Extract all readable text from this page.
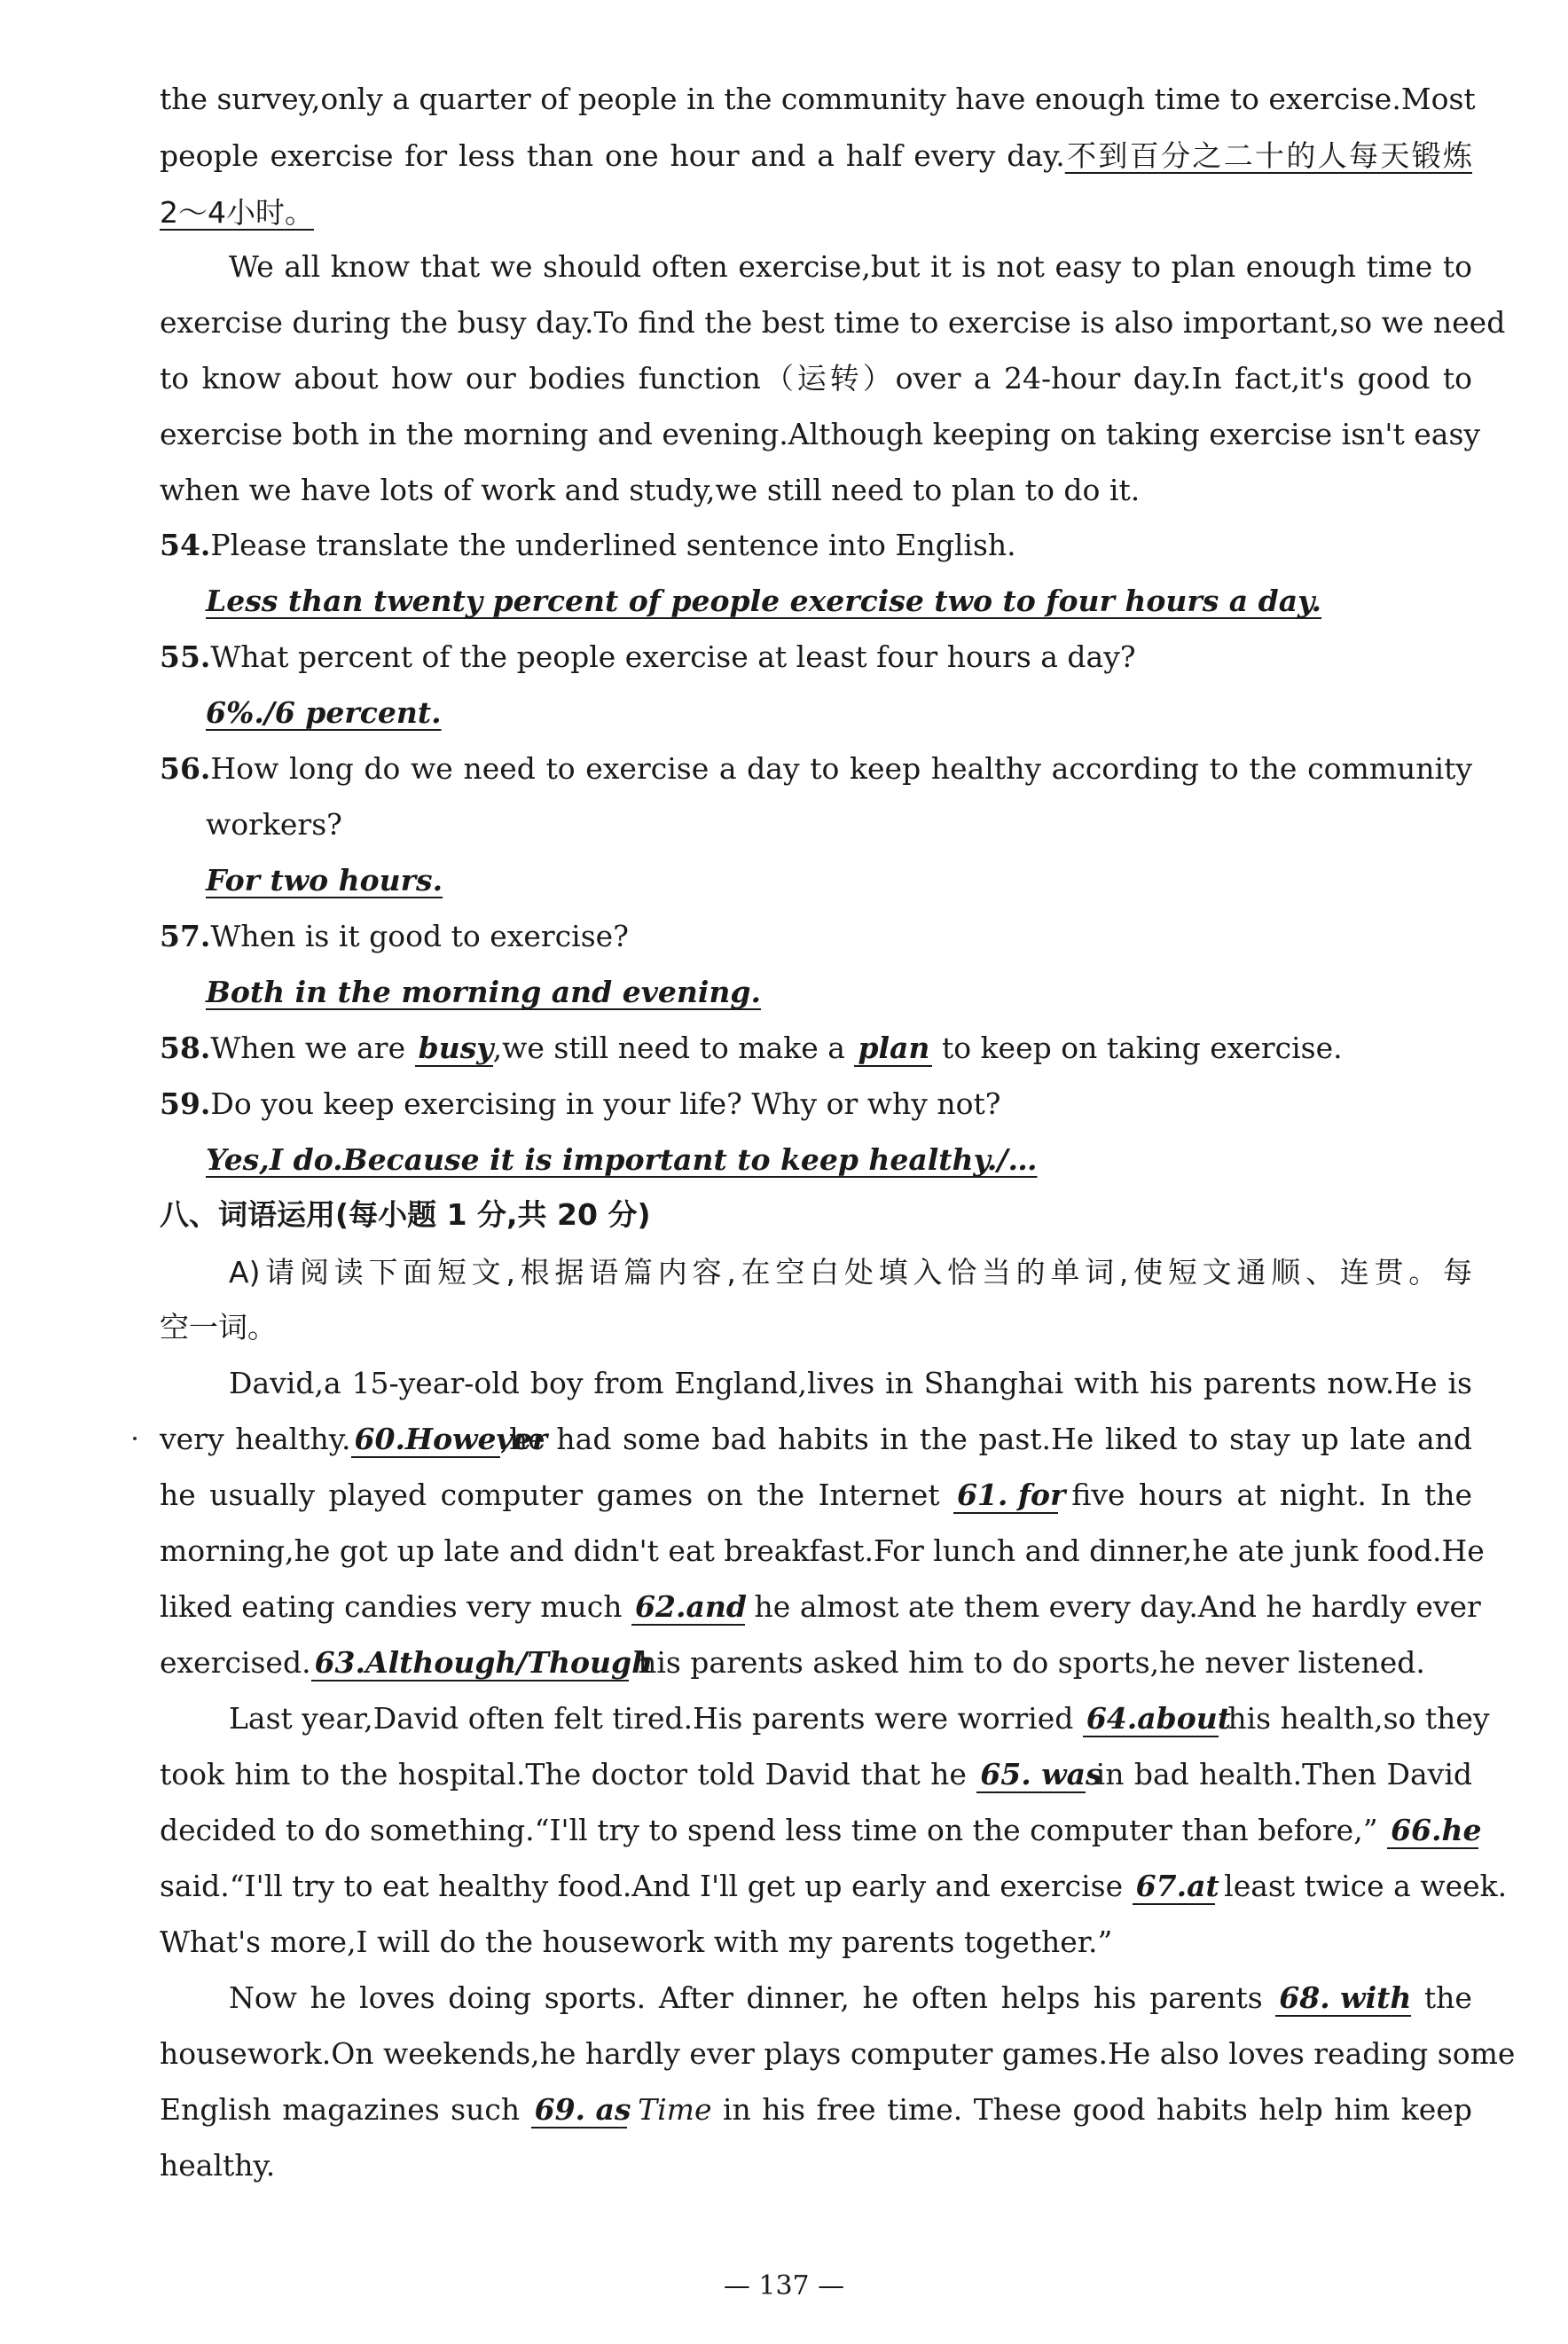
the survey,only a quarter of people in the community have enough time to exercise.Most
people exercise for less than one hour and a half every day.不到百分之二十的人每天锻炼
2～4小时。
We all know that we should often exercise,but it is not easy to plan enough time to
exercise during the busy day.To find the best time to exercise is also important,so we need
to know about how our bodies function（运转）over a 24-hour day.In fact,it's good to
exercise both in the morning and evening.Although keeping on taking exercise isn't easy
when we have lots of work and study,we still need to plan to do it.
54.Please translate the underlined sentence into English.
Less than twenty percent of people exercise two to four hours a day.
55.What percent of the people exercise at least four hours a day?
6%./6 percent.
56.How long do we need to exercise a day to keep healthy according to the community
workers?
For two hours.
57.When is it good to exercise?
Both in the morning and evening.
58.When we are busy,we still need to make a plan to keep on taking exercise.
59.Do you keep exercising in your life? Why or why not?
Yes,I do.Because it is important to keep healthy./…
八、词语运用(每小题 1 分,共 20 分)
A)请阅读下面短文,根据语篇内容,在空白处填入恰当的单词,使短文通顺、连贯。每
空一词。
David,a 15-year-old boy from England,lives in Shanghai with his parents now.He is
very healthy. 60.However,he had some bad habits in the past.He liked to stay up late and
he usually played computer games on the Internet 61. for five hours at night. In the
morning,he got up late and didn't eat breakfast.For lunch and dinner,he ate junk food.He
liked eating candies very much 62.and he almost ate them every day.And he hardly ever
exercised. 63.Although/Though his parents asked him to do sports,he never listened.
Last year,David often felt tired.His parents were worried 64.about his health,so they
took him to the hospital.The doctor told David that he 65. was in bad health.Then David
decided to do something.“I'll try to spend less time on the computer than before,” 66.he
said.“I'll try to eat healthy food.And I'll get up early and exercise 67.at least twice a week.
What's more,I will do the housework with my parents together.”
Now he loves doing sports. After dinner, he often helps his parents 68. with the
housework.On weekends,he hardly ever plays computer games.He also loves reading some
English magazines such 69. as Time in his free time. These good habits help him keep
healthy.
— 137 —
